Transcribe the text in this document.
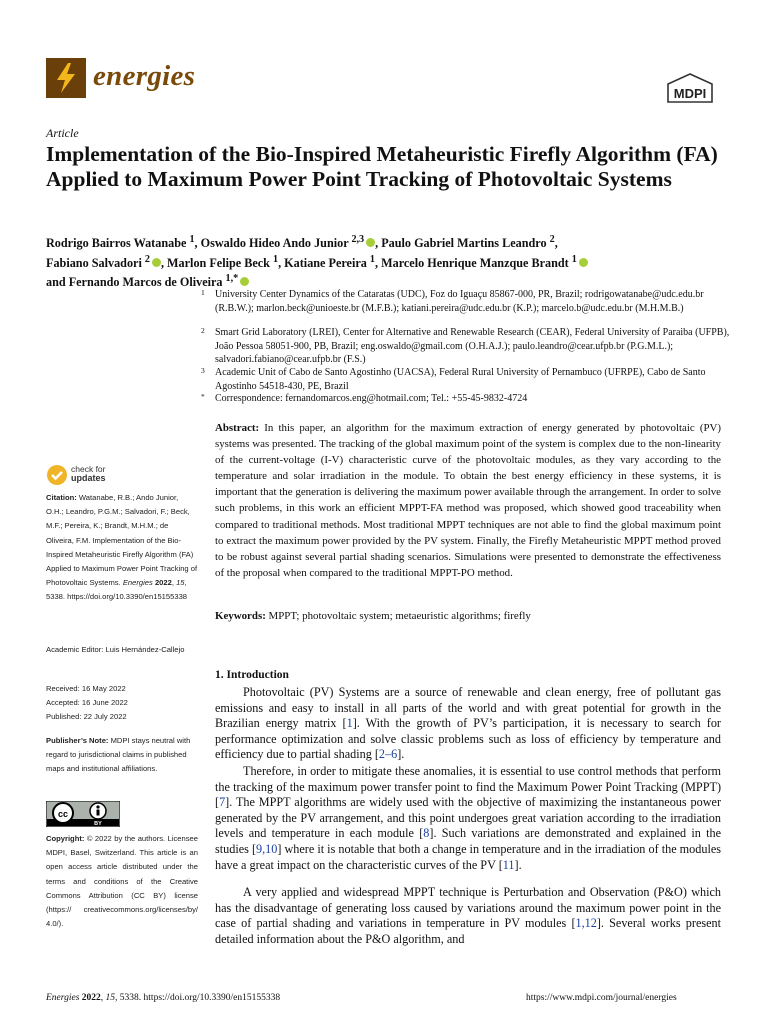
energies
MDPI
Article
Implementation of the Bio-Inspired Metaheuristic Firefly Algorithm (FA) Applied to Maximum Power Point Tracking of Photovoltaic Systems
Rodrigo Bairros Watanabe $^1$, Oswaldo Hideo Ando Junior $^{2,3}$ , Paulo Gabriel Martins Leandro $^2$,
Fabiano Salvadori $^2$ , Marlon Felipe Beck $^1$, Katiane Pereira $^1$, Marcelo Henrique Manzque Brandt $^1$
and Fernando Marcos de Oliveira $^{1,*}$
1 University Center Dynamics of the Cataratas (UDC), Foz do Iguaçu 85867-000, PR, Brazil; rodrigowatanabe@udc.edu.br (R.B.W.); marlon.beck@unioeste.br (M.F.B.); katiani.pereira@udc.edu.br (K.P.); marcelo.b@udc.edu.br (M.H.M.B.)
2 Smart Grid Laboratory (LREI), Center for Alternative and Renewable Research (CEAR), Federal University of Paraiba (UFPB), João Pessoa 58051-900, PB, Brazil; eng.oswaldo@gmail.com (O.H.A.J.); paulo.leandro@cear.ufpb.br (P.G.M.L.); salvadori.fabiano@cear.ufpb.br (F.S.)
3 Academic Unit of Cabo de Santo Agostinho (UACSA), Federal Rural University of Pernambuco (UFRPE), Cabo de Santo Agostinho 54518-430, PE, Brazil
* Correspondence: fernandomarcos.eng@hotmail.com; Tel.: +55-45-9832-4724
Abstract: In this paper, an algorithm for the maximum extraction of energy generated by photovoltaic (PV) systems was presented. The tracking of the global maximum point of the system is complex due to the non-linearity of the current-voltage (I-V) characteristic curve of the photovoltaic modules, as they vary according to the temperature and solar irradiation in the module. To obtain the best energy efficiency in these systems, it is important that the generation is delivering the maximum power available through the arrangement. In order to solve such problems, in this work an efficient MPPT-FA method was proposed, which showed good traceability when compared to traditional methods. Most traditional MPPT techniques are not able to find the global maximum point to extract the maximum power provided by the PV system. Finally, the Firefly Metaheuristic MPPT method proved to be robust against several partial shading scenarios. Simulations were presented to demonstrate the effectiveness of the proposal when compared to the traditional MPPT-PO method.
Keywords: MPPT; photovoltaic system; metaeuristic algorithms; firefly
check for
updates
Citation: Watanabe, R.B.; Ando Junior, O.H.; Leandro, P.G.M.; Salvadori, F.; Beck, M.F.; Pereira, K.; Brandt, M.H.M.; de Oliveira, F.M. Implementation of the Bio-Inspired Metaheuristic Firefly Algorithm (FA) Applied to Maximum Power Point Tracking of Photovoltaic Systems. Energies 2022, 15, 5338. https://doi.org/10.3390/en15155338
Academic Editor: Luis Hernández-Callejo
Received: 16 May 2022
Accepted: 16 June 2022
Published: 22 July 2022
Publisher’s Note: MDPI stays neutral with regard to jurisdictional claims in published maps and institutional affiliations.
cc
BY
Copyright: © 2022 by the authors. Licensee MDPI, Basel, Switzerland. This article is an open access article distributed under the terms and conditions of the Creative Commons Attribution (CC BY) license (https:// creativecommons.org/licenses/by/ 4.0/).
1. Introduction
Photovoltaic (PV) Systems are a source of renewable and clean energy, free of pollutant gas emissions and easy to install in all parts of the world and with great potential for growth in the Brazilian energy matrix [1]. With the growth of PV’s participation, it is necessary to search for performance optimization and solve classic problems such as loss of efficiency by temperature and efficiency due to partial shading [2–6].
Therefore, in order to mitigate these anomalies, it is essential to use control methods that perform the tracking of the maximum power transfer point to find the Maximum Power Point Tracking (MPPT) [7]. The MPPT algorithms are widely used with the objective of maximizing the instantaneous power generated by the PV arrangement, and this point undergoes great variation according to the irradiation levels and temperature in each module [8]. Such variations are demonstrated and explained in the studies [9,10] where it is notable that both a change in temperature and in the irradiation of the modules have a great impact on the characteristic curves of the PV [11].
A very applied and widespread MPPT technique is Perturbation and Observation (P&O) which has the disadvantage of generating loss caused by variations around the maximum power point in the case of partial shading and variations in temperature in PV modules [1,12]. Several works present detailed information about the P&O algorithm, and
Energies 2022, 15, 5338. https://doi.org/10.3390/en15155338	https://www.mdpi.com/journal/energies
